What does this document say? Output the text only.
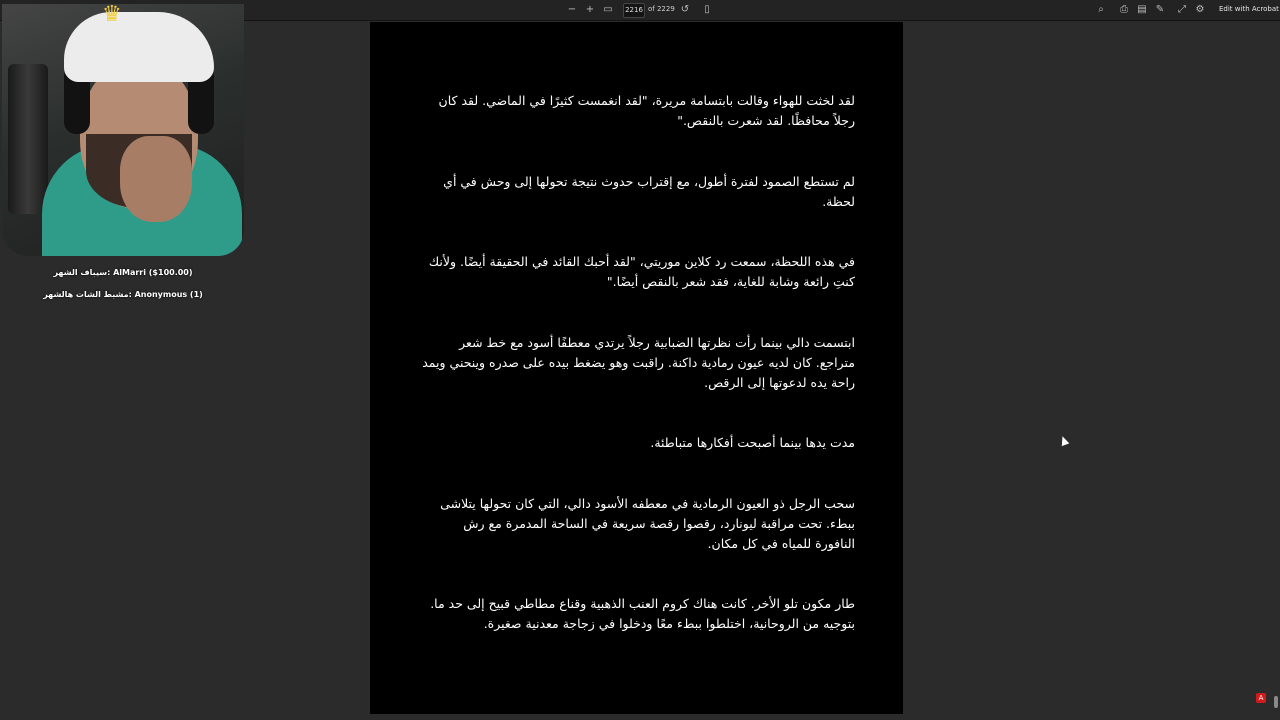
− + ▭ 2216 of 2229 ↺	▯	⌕	⎙ ▤ ✎ ⤢ ⚙ Edit with Acrobat
♛
سيباف الشهر: AlMarri ($100.00)
مشبط الشات هالشهر: Anonymous (1)

لقد لخثت للهواء وقالت بابتسامة مريرة، "لقد انغمست كثيرًا في الماضي. لقد كان رجلاً محافظًا. لقد شعرت بالنقص."

لم تستطع الصمود لفترة أطول، مع إقتراب حدوث نتيجة تحولها إلى وحش في أي لحظة.

في هذه اللحظة، سمعت رد كلاين موريتي، "لقد أحبك القائد في الحقيقة أيضًا. ولأنك كنتِ رائعة وشابة للغاية، فقد شعر بالنقص أيضًا."

ابتسمت دالي بينما رأت نظرتها الضبابية رجلاً يرتدي معطفًا أسود مع خط شعر متراجع. كان لديه عيون رمادية داكنة. راقبت وهو يضغط بيده على صدره وينحني ويمد راحة يده لدعوتها إلى الرقص.

مدت يدها بينما أصبحت أفكارها متباطئة.

سحب الرجل ذو العيون الرمادية في معطفه الأسود دالي، التي كان تحولها يتلاشى ببطء. تحت مراقبة ليونارد، رقصوا رقصة سريعة في الساحة المدمرة مع رش النافورة للمياه في كل مكان.

طار مكون تلو الأخر. كانت هناك كروم العنب الذهبية وقناع مطاطي قبيح إلى حد ما. بتوجيه من الروحانية، اختلطوا ببطء معًا ودخلوا في زجاجة معدنية صغيرة.

A
